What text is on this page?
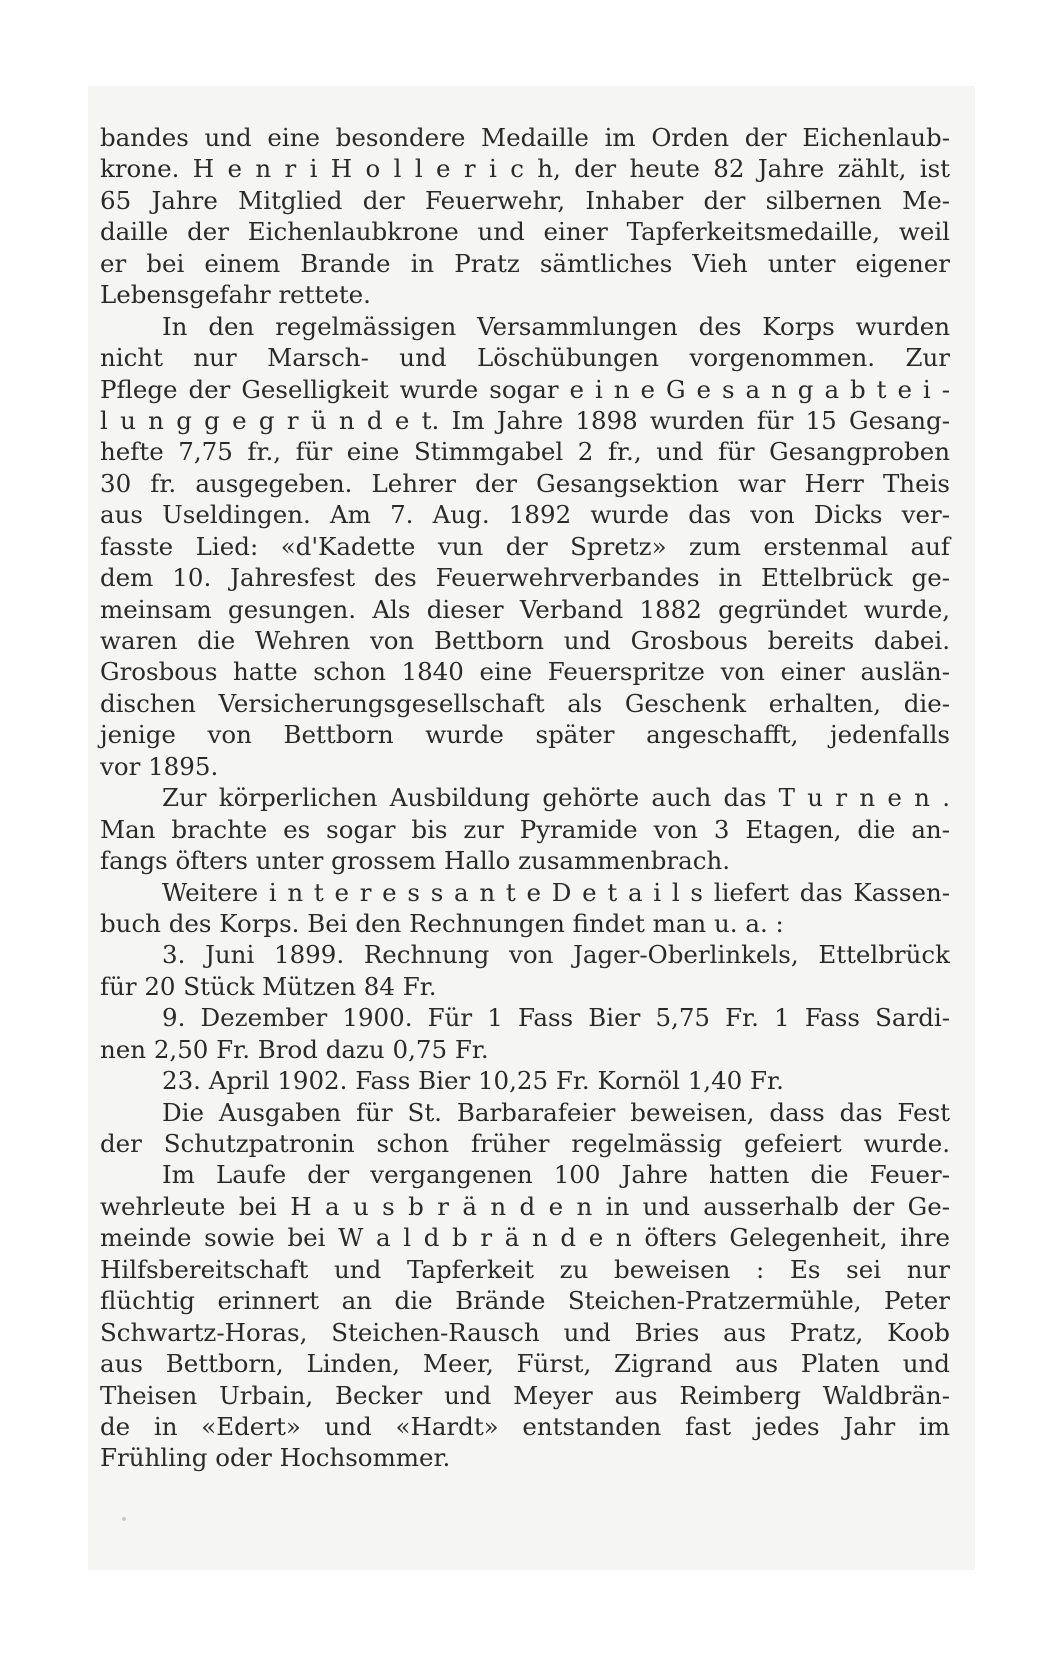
bandes und eine besondere Medaille im Orden der Eichenlaub-
krone. H e n r i H o l l e r i c h, der heute 82 Jahre zählt, ist
65 Jahre Mitglied der Feuerwehr, Inhaber der silbernen Me-
daille der Eichenlaubkrone und einer Tapferkeitsmedaille, weil
er bei einem Brande in Pratz sämtliches Vieh unter eigener
Lebensgefahr rettete.
In den regelmässigen Versammlungen des Korps wurden
nicht nur Marsch- und Löschübungen vorgenommen. Zur
Pflege der Geselligkeit wurde sogar e i n e G e s a n g a b t e i -
l u n g g e g r ü n d e t. Im Jahre 1898 wurden für 15 Gesang-
hefte 7,75 fr., für eine Stimmgabel 2 fr., und für Gesangproben
30 fr. ausgegeben. Lehrer der Gesangsektion war Herr Theis
aus Useldingen. Am 7. Aug. 1892 wurde das von Dicks ver-
fasste Lied: «d'Kadette vun der Spretz» zum erstenmal auf
dem 10. Jahresfest des Feuerwehrverbandes in Ettelbrück ge-
meinsam gesungen. Als dieser Verband 1882 gegründet wurde,
waren die Wehren von Bettborn und Grosbous bereits dabei.
Grosbous hatte schon 1840 eine Feuerspritze von einer auslän-
dischen Versicherungsgesellschaft als Geschenk erhalten, die-
jenige von Bettborn wurde später angeschafft, jedenfalls
vor 1895.
Zur körperlichen Ausbildung gehörte auch das T u r n e n .
Man brachte es sogar bis zur Pyramide von 3 Etagen, die an-
fangs öfters unter grossem Hallo zusammenbrach.
Weitere i n t e r e s s a n t e D e t a i l s liefert das Kassen-
buch des Korps. Bei den Rechnungen findet man u. a. :
3. Juni 1899. Rechnung von Jager-Oberlinkels, Ettelbrück
für 20 Stück Mützen 84 Fr.
9. Dezember 1900. Für 1 Fass Bier 5,75 Fr. 1 Fass Sardi-
nen 2,50 Fr. Brod dazu 0,75 Fr.
23. April 1902. Fass Bier 10,25 Fr. Kornöl 1,40 Fr.
Die Ausgaben für St. Barbarafeier beweisen, dass das Fest
der Schutzpatronin schon früher regelmässig gefeiert wurde.
Im Laufe der vergangenen 100 Jahre hatten die Feuer-
wehrleute bei H a u s b r ä n d e n in und ausserhalb der Ge-
meinde sowie bei W a l d b r ä n d e n öfters Gelegenheit, ihre
Hilfsbereitschaft und Tapferkeit zu beweisen : Es sei nur
flüchtig erinnert an die Brände Steichen-Pratzermühle, Peter
Schwartz-Horas, Steichen-Rausch und Bries aus Pratz, Koob
aus Bettborn, Linden, Meer, Fürst, Zigrand aus Platen und
Theisen Urbain, Becker und Meyer aus Reimberg Waldbrän-
de in «Edert» und «Hardt» entstanden fast jedes Jahr im
Frühling oder Hochsommer.
